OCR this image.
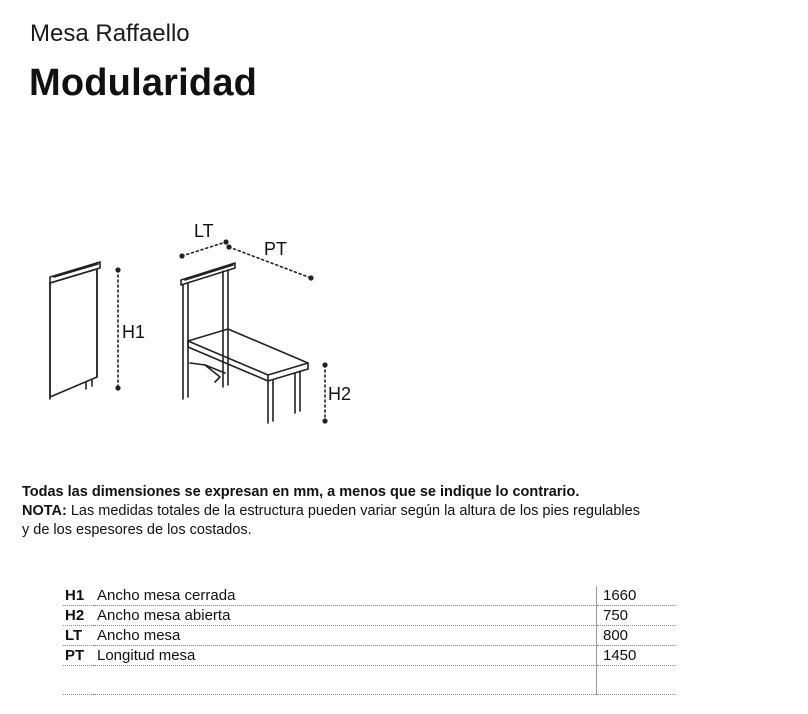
Mesa Raffaello
Modularidad
LT
PT
H1
H2
Todas las dimensiones se expresan en mm, a menos que se indique lo contrario.
NOTA: Las medidas totales de la estructura pueden variar según la altura de los pies regulables
y de los espesores de los costados.
H1	Ancho mesa cerrada	1660
H2	Ancho mesa abierta	750
LT	Ancho mesa	800
PT	Longitud mesa	1450
